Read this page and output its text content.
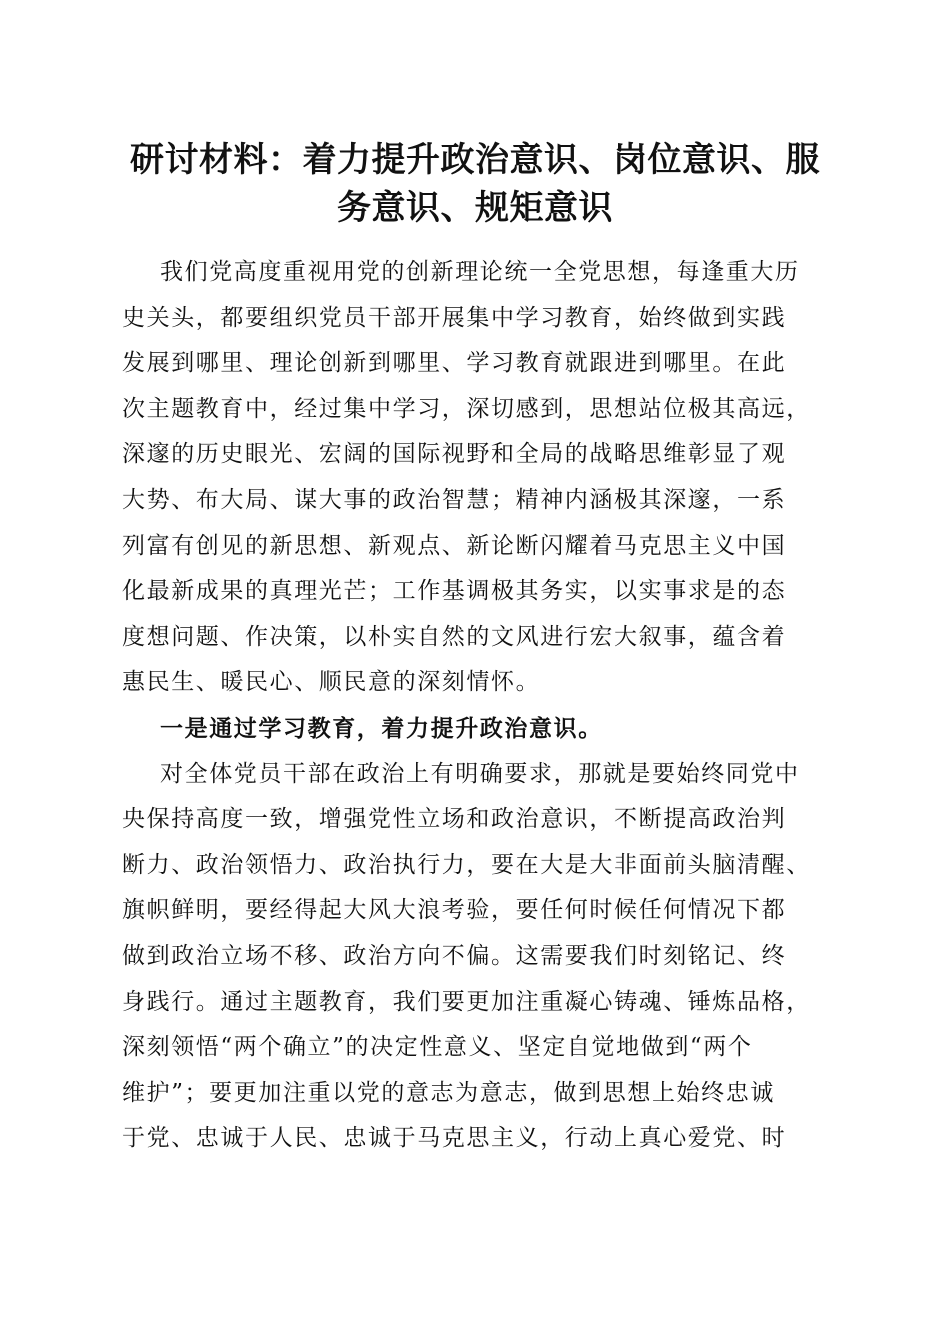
研讨材料：着力提升政治意识、岗位意识、服
务意识、规矩意识
我们党高度重视用党的创新理论统一全党思想，每逢重大历
史关头，都要组织党员干部开展集中学习教育，始终做到实践
发展到哪里、理论创新到哪里、学习教育就跟进到哪里。在此
次主题教育中，经过集中学习，深切感到，思想站位极其高远，
深邃的历史眼光、宏阔的国际视野和全局的战略思维彰显了观
大势、布大局、谋大事的政治智慧；精神内涵极其深邃，一系
列富有创见的新思想、新观点、新论断闪耀着马克思主义中国
化最新成果的真理光芒；工作基调极其务实，以实事求是的态
度想问题、作决策，以朴实自然的文风进行宏大叙事，蕴含着
惠民生、暖民心、顺民意的深刻情怀。
一是通过学习教育，着力提升政治意识。
对全体党员干部在政治上有明确要求，那就是要始终同党中
央保持高度一致，增强党性立场和政治意识，不断提高政治判
断力、政治领悟力、政治执行力，要在大是大非面前头脑清醒、
旗帜鲜明，要经得起大风大浪考验，要任何时候任何情况下都
做到政治立场不移、政治方向不偏。这需要我们时刻铭记、终
身践行。通过主题教育，我们要更加注重凝心铸魂、锤炼品格，
深刻领悟“两个确立”的决定性意义、坚定自觉地做到“两个
维护”；要更加注重以党的意志为意志，做到思想上始终忠诚
于党、忠诚于人民、忠诚于马克思主义，行动上真心爱党、时
